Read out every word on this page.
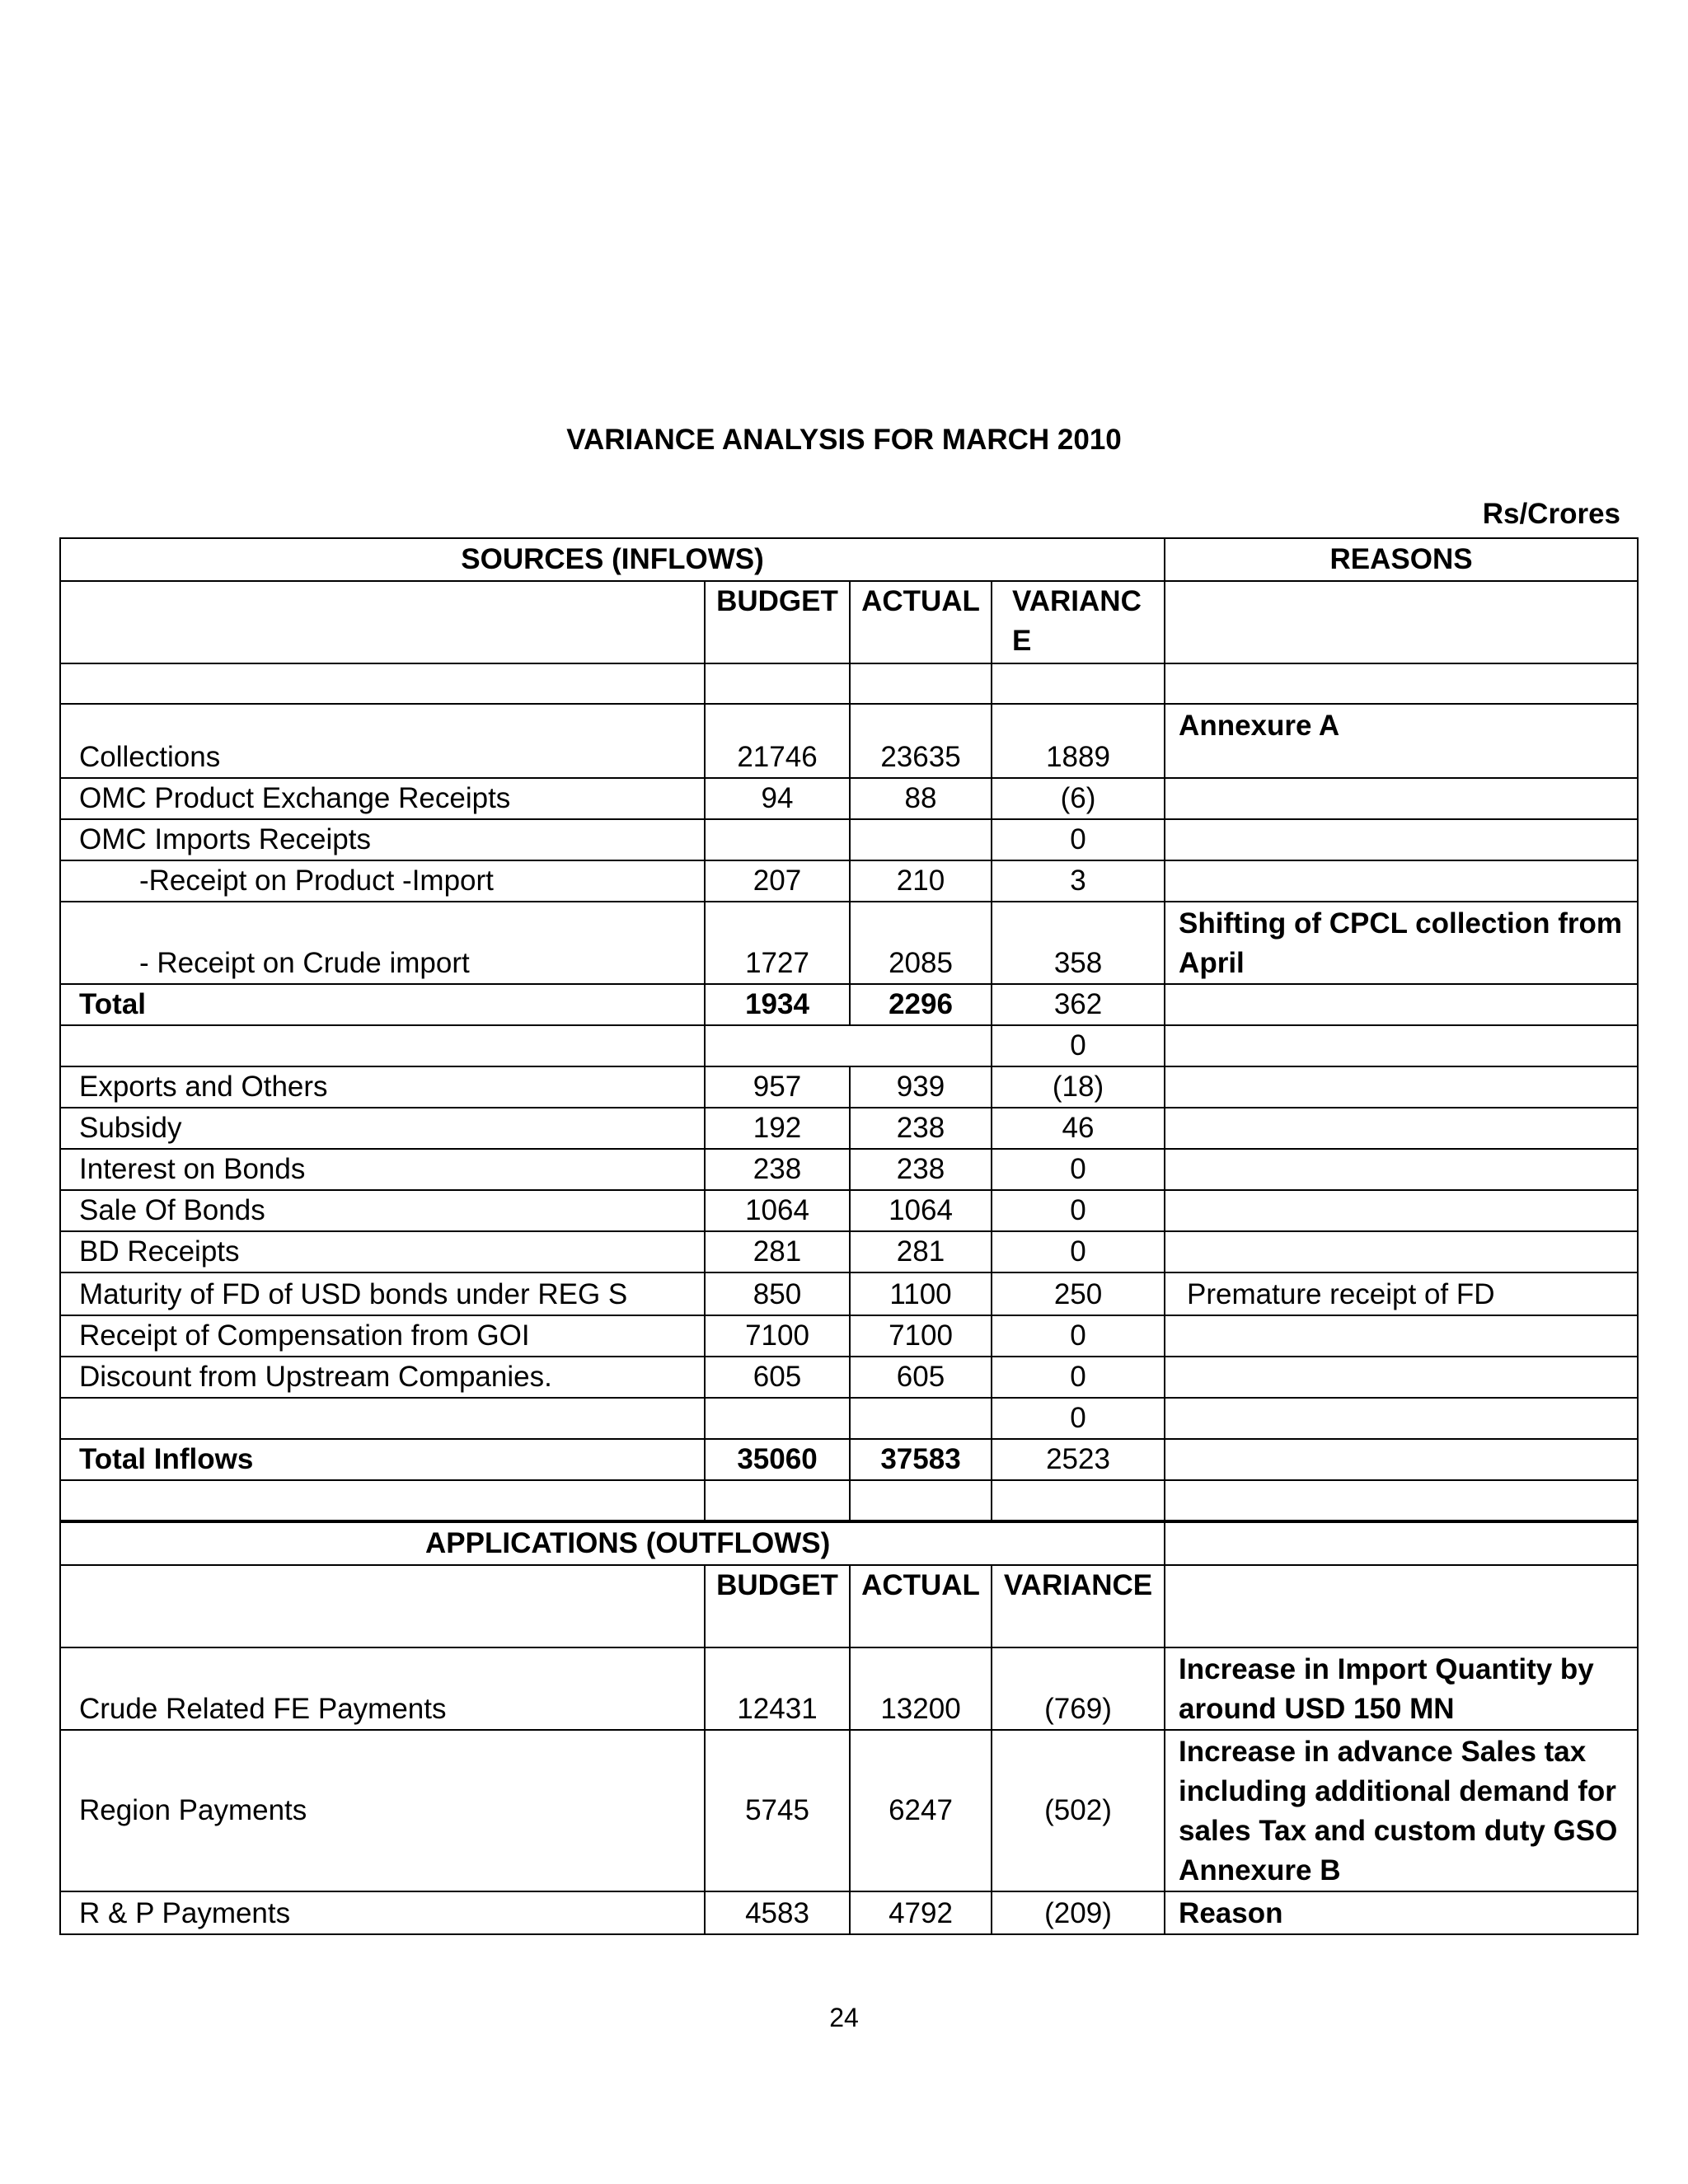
VARIANCE ANALYSIS FOR MARCH 2010
Rs/Crores
SOURCES (INFLOWS)				REASONS
	BUDGET	ACTUAL	VARIANCE	

Collections	21746	23635	1889	Annexure A
OMC Product Exchange Receipts	94	88	(6)	
OMC Imports Receipts			0	
-Receipt on Product -Import	207	210	3	
- Receipt on Crude import	1727	2085	358	Shifting of CPCL collection from April
Total	1934	2296	362	
			0	
Exports and Others	957	939	(18)	
Subsidy	192	238	46	
Interest on Bonds	238	238	0	
Sale Of Bonds	1064	1064	0	
BD Receipts	281	281	0	
Maturity of FD of USD bonds under REG S	850	1100	250	Premature receipt of FD
Receipt of Compensation from GOI	7100	7100	0	
Discount from Upstream Companies.	605	605	0	
			0	
Total Inflows	35060	37583	2523	

APPLICATIONS (OUTFLOWS)				
	BUDGET	ACTUAL	VARIANCE	
Crude Related FE Payments	12431	13200	(769)	Increase in Import Quantity by around USD 150 MN
Region Payments	5745	6247	(502)	Increase in advance Sales tax including additional demand for sales Tax and custom duty GSO Annexure B
R & P Payments	4583	4792	(209)	Reason
24
